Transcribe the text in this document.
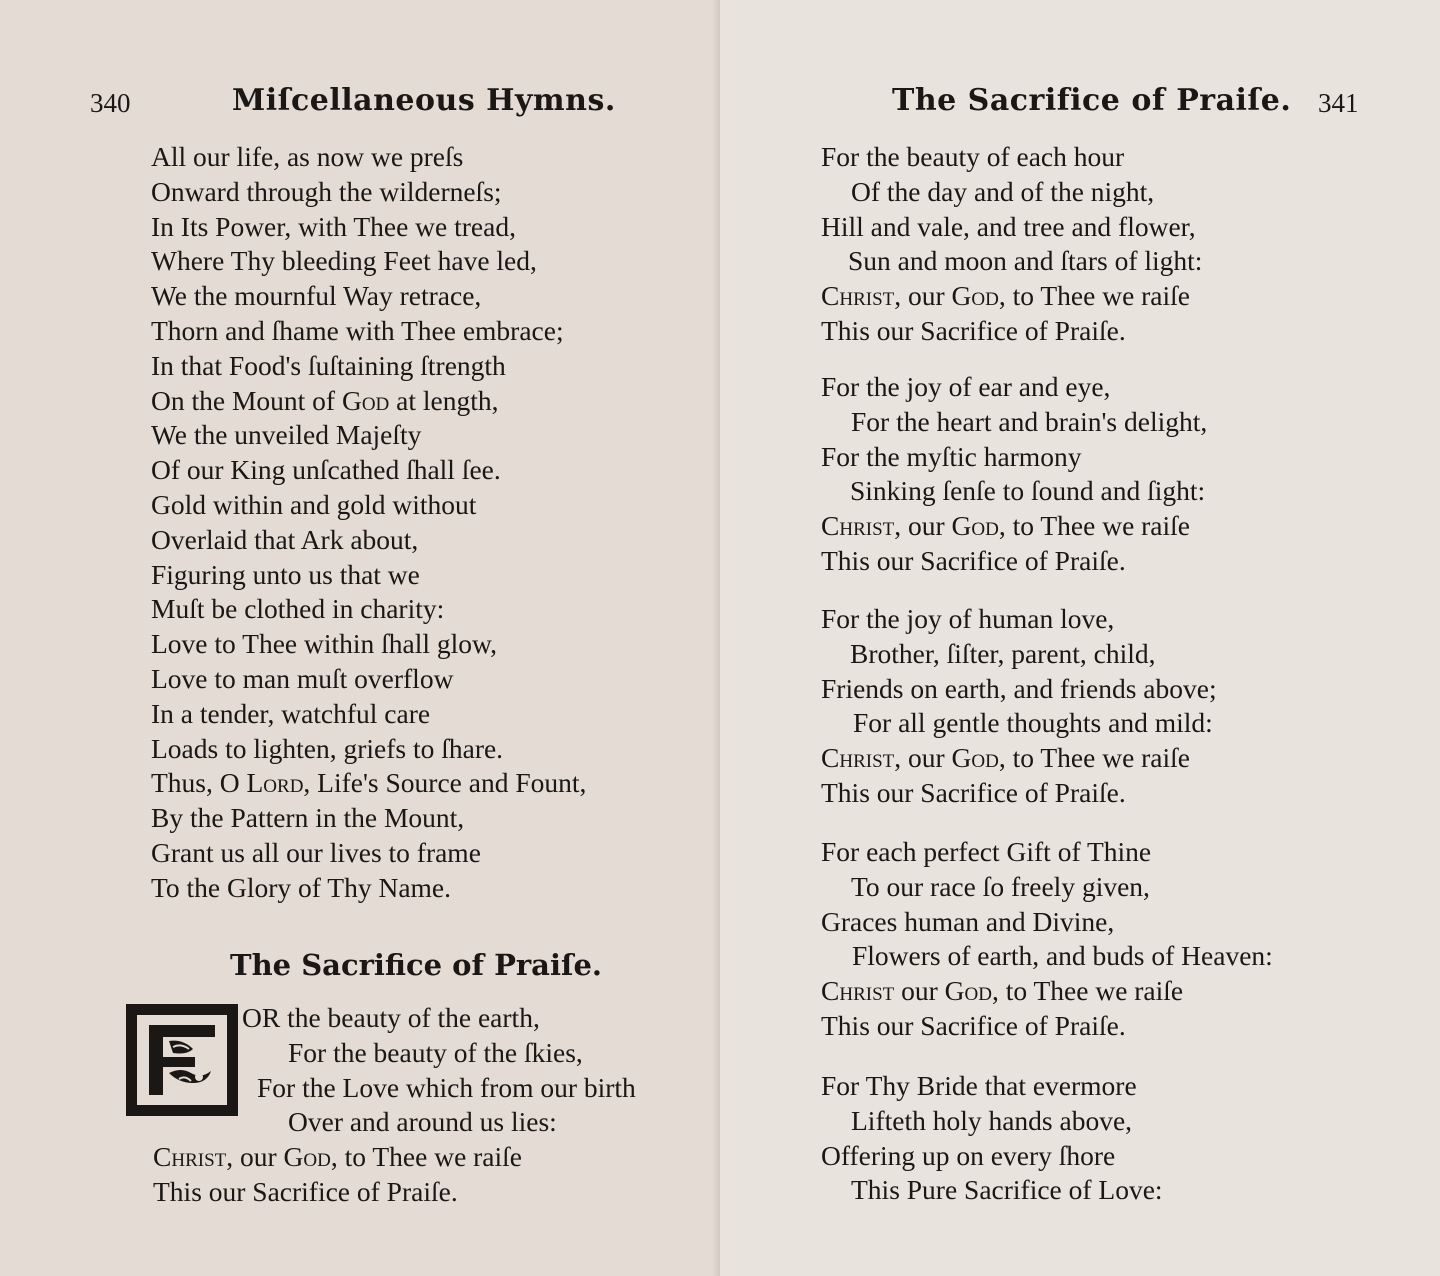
340	Miſcellaneous Hymns.
All our life, as now we preſs
Onward through the wilderneſs;
In Its Power, with Thee we tread,
Where Thy bleeding Feet have led,
We the mournful Way retrace,
Thorn and ſhame with Thee embrace;
In that Food's ſuſtaining ſtrength
On the Mount of God at length,
We the unveiled Majeſty
Of our King unſcathed ſhall ſee.
Gold within and gold without
Overlaid that Ark about,
Figuring unto us that we
Muſt be clothed in charity:
Love to Thee within ſhall glow,
Love to man muſt overflow
In a tender, watchful care
Loads to lighten, griefs to ſhare.
Thus, O Lord, Life's Source and Fount,
By the Pattern in the Mount,
Grant us all our lives to frame
To the Glory of Thy Name.
The Sacrifice of Praiſe.
OR the beauty of the earth,
For the beauty of the ſkies,
For the Love which from our birth
Over and around us lies:
Christ, our God, to Thee we raiſe
This our Sacrifice of Praiſe.
The Sacrifice of Praiſe. 341
For the beauty of each hour
Of the day and of the night,
Hill and vale, and tree and flower,
Sun and moon and ſtars of light:
Christ, our God, to Thee we raiſe
This our Sacrifice of Praiſe.
For the joy of ear and eye,
For the heart and brain's delight,
For the myſtic harmony
Sinking ſenſe to ſound and ſight:
Christ, our God, to Thee we raiſe
This our Sacrifice of Praiſe.
For the joy of human love,
Brother, ſiſter, parent, child,
Friends on earth, and friends above;
For all gentle thoughts and mild:
Christ, our God, to Thee we raiſe
This our Sacrifice of Praiſe.
For each perfect Gift of Thine
To our race ſo freely given,
Graces human and Divine,
Flowers of earth, and buds of Heaven:
Christ our God, to Thee we raiſe
This our Sacrifice of Praiſe.
For Thy Bride that evermore
Lifteth holy hands above,
Offering up on every ſhore
This Pure Sacrifice of Love:
